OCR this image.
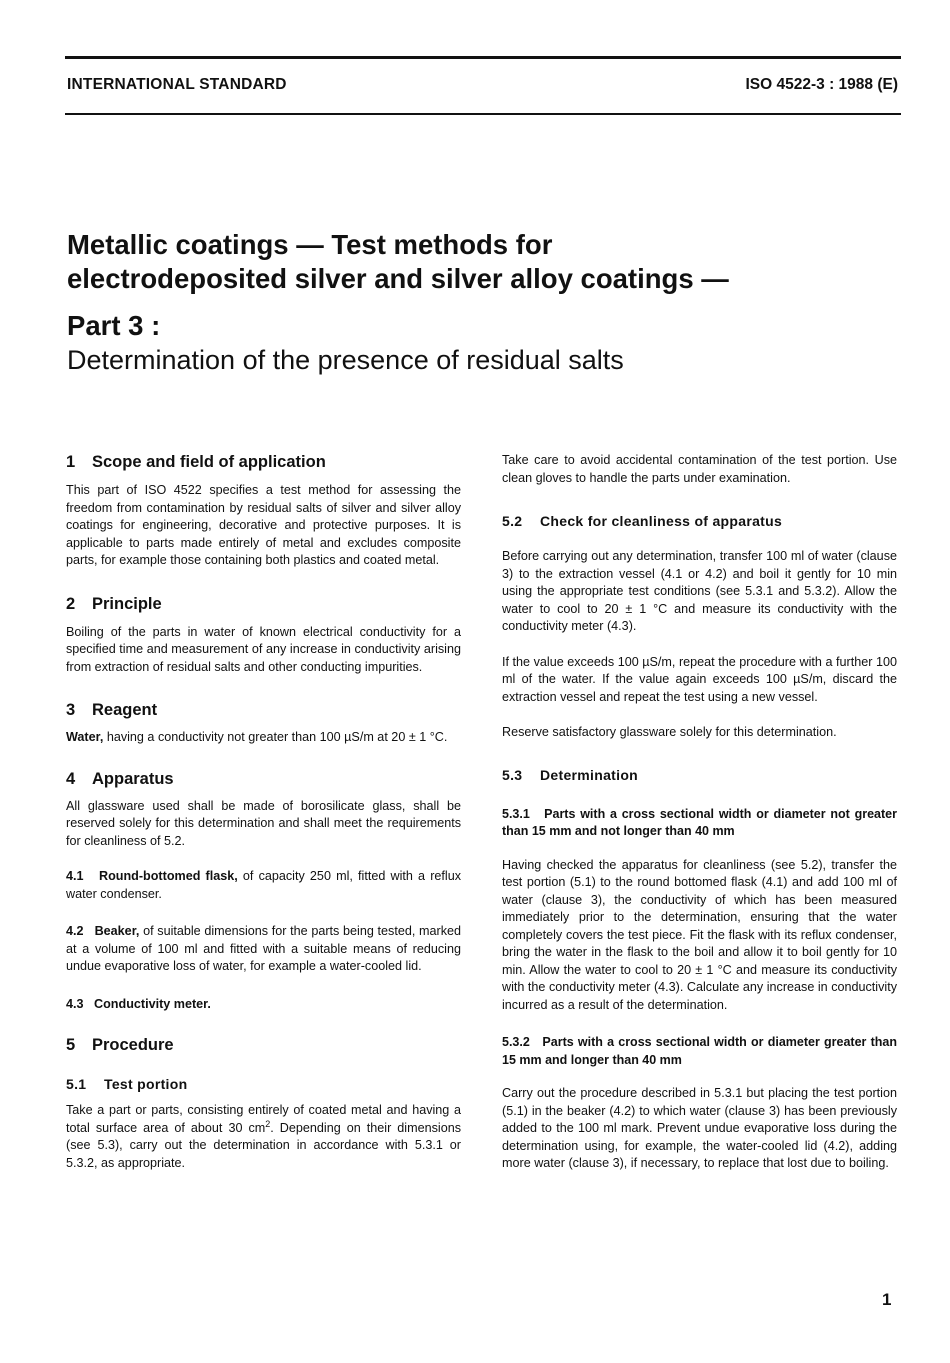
INTERNATIONAL STANDARD	ISO 4522-3 : 1988 (E)
Metallic coatings — Test methods for
electrodeposited silver and silver alloy coatings —
Part 3 :
Determination of the presence of residual salts
1 Scope and field of application

This part of ISO 4522 specifies a test method for assessing the freedom from contamination by residual salts of silver and silver alloy coatings for engineering, decorative and protective purposes. It is applicable to parts made entirely of metal and excludes composite parts, for example those containing both plastics and coated metal.

2 Principle

Boiling of the parts in water of known electrical conductivity for a specified time and measurement of any increase in conductivity arising from extraction of residual salts and other conducting impurities.

3 Reagent

Water, having a conductivity not greater than 100 µS/m at 20 ± 1 °C.

4 Apparatus

All glassware used shall be made of borosilicate glass, shall be reserved solely for this determination and shall meet the requirements for cleanliness of 5.2.

4.1 Round-bottomed flask, of capacity 250 ml, fitted with a reflux water condenser.

4.2 Beaker, of suitable dimensions for the parts being tested, marked at a volume of 100 ml and fitted with a suitable means of reducing undue evaporative loss of water, for example a water-cooled lid.

4.3 Conductivity meter.

5 Procedure
5.1 Test portion

Take a part or parts, consisting entirely of coated metal and having a total surface area of about 30 $cm^2$. Depending on their dimensions (see 5.3), carry out the determination in accordance with 5.3.1 or 5.3.2, as appropriate.

Take care to avoid accidental contamination of the test portion. Use clean gloves to handle the parts under examination.

5.2 Check for cleanliness of apparatus

Before carrying out any determination, transfer 100 ml of water (clause 3) to the extraction vessel (4.1 or 4.2) and boil it gently for 10 min using the appropriate test conditions (see 5.3.1 and 5.3.2). Allow the water to cool to 20 ± 1 °C and measure its conductivity with the conductivity meter (4.3).

If the value exceeds 100 µS/m, repeat the procedure with a further 100 ml of the water. If the value again exceeds 100 µS/m, discard the extraction vessel and repeat the test using a new vessel.

Reserve satisfactory glassware solely for this determination.

5.3 Determination
5.3.1 Parts with a cross sectional width or diameter not greater than 15 mm and not longer than 40 mm

Having checked the apparatus for cleanliness (see 5.2), transfer the test portion (5.1) to the round bottomed flask (4.1) and add 100 ml of water (clause 3), the conductivity of which has been measured immediately prior to the determination, ensuring that the water completely covers the test piece. Fit the flask with its reflux condenser, bring the water in the flask to the boil and allow it to boil gently for 10 min. Allow the water to cool to 20 ± 1 °C and measure its conductivity with the conductivity meter (4.3). Calculate any increase in conductivity incurred as a result of the determination.

5.3.2 Parts with a cross sectional width or diameter greater than 15 mm and longer than 40 mm

Carry out the procedure described in 5.3.1 but placing the test portion (5.1) in the beaker (4.2) to which water (clause 3) has been previously added to the 100 ml mark. Prevent undue evaporative loss during the determination using, for example, the water-cooled lid (4.2), adding more water (clause 3), if necessary, to replace that lost due to boiling.

1
